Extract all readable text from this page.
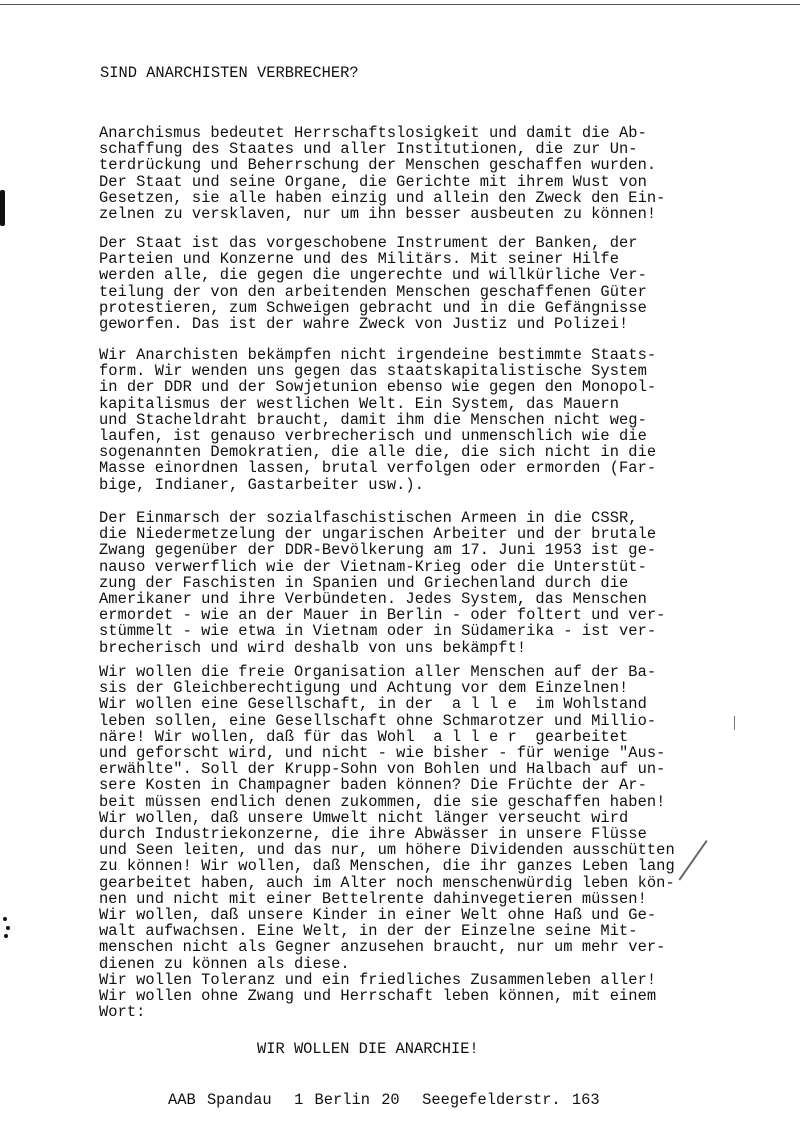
SIND ANARCHISTEN VERBRECHER?
Anarchismus bedeutet Herrschaftslosigkeit und damit die Ab-
schaffung des Staates und aller Institutionen, die zur Un-
terdrückung und Beherrschung der Menschen geschaffen wurden.
Der Staat und seine Organe, die Gerichte mit ihrem Wust von
Gesetzen, sie alle haben einzig und allein den Zweck den Ein-
zelnen zu versklaven, nur um ihn besser ausbeuten zu können!
Der Staat ist das vorgeschobene Instrument der Banken, der
Parteien und Konzerne und des Militärs. Mit seiner Hilfe
werden alle, die gegen die ungerechte und willkürliche Ver-
teilung der von den arbeitenden Menschen geschaffenen Güter
protestieren, zum Schweigen gebracht und in die Gefängnisse
geworfen. Das ist der wahre Zweck von Justiz und Polizei!
Wir Anarchisten bekämpfen nicht irgendeine bestimmte Staats-
form. Wir wenden uns gegen das staatskapitalistische System
in der DDR und der Sowjetunion ebenso wie gegen den Monopol-
kapitalismus der westlichen Welt. Ein System, das Mauern
und Stacheldraht braucht, damit ihm die Menschen nicht weg-
laufen, ist genauso verbrecherisch und unmenschlich wie die
sogenannten Demokratien, die alle die, die sich nicht in die
Masse einordnen lassen, brutal verfolgen oder ermorden (Far-
bige, Indianer, Gastarbeiter usw.).
Der Einmarsch der sozialfaschistischen Armeen in die CSSR,
die Niedermetzelung der ungarischen Arbeiter und der brutale
Zwang gegenüber der DDR-Bevölkerung am 17. Juni 1953 ist ge-
nauso verwerflich wie der Vietnam-Krieg oder die Unterstüt-
zung der Faschisten in Spanien und Griechenland durch die
Amerikaner und ihre Verbündeten. Jedes System, das Menschen
ermordet - wie an der Mauer in Berlin - oder foltert und ver-
stümmelt - wie etwa in Vietnam oder in Südamerika - ist ver-
brecherisch und wird deshalb von uns bekämpft!
Wir wollen die freie Organisation aller Menschen auf der Ba-
sis der Gleichberechtigung und Achtung vor dem Einzelnen!
Wir wollen eine Gesellschaft, in der  a l l e  im Wohlstand
leben sollen, eine Gesellschaft ohne Schmarotzer und Millio-
näre! Wir wollen, daß für das Wohl  a l l e r  gearbeitet
und geforscht wird, und nicht - wie bisher - für wenige "Aus-
erwählte". Soll der Krupp-Sohn von Bohlen und Halbach auf un-
sere Kosten in Champagner baden können? Die Früchte der Ar-
beit müssen endlich denen zukommen, die sie geschaffen haben!
Wir wollen, daß unsere Umwelt nicht länger verseucht wird
durch Industriekonzerne, die ihre Abwässer in unsere Flüsse
und Seen leiten, und das nur, um höhere Dividenden ausschütten
zu können! Wir wollen, daß Menschen, die ihr ganzes Leben lang
gearbeitet haben, auch im Alter noch menschenwürdig leben kön-
nen und nicht mit einer Bettelrente dahinvegetieren müssen!
Wir wollen, daß unsere Kinder in einer Welt ohne Haß und Ge-
walt aufwachsen. Eine Welt, in der der Einzelne seine Mit-
menschen nicht als Gegner anzusehen braucht, nur um mehr ver-
dienen zu können als diese.
Wir wollen Toleranz und ein friedliches Zusammenleben aller!
Wir wollen ohne Zwang und Herrschaft leben können, mit einem
Wort:
WIR WOLLEN DIE ANARCHIE!
AAB Spandau  1 Berlin 20  Seegefelderstr. 163
